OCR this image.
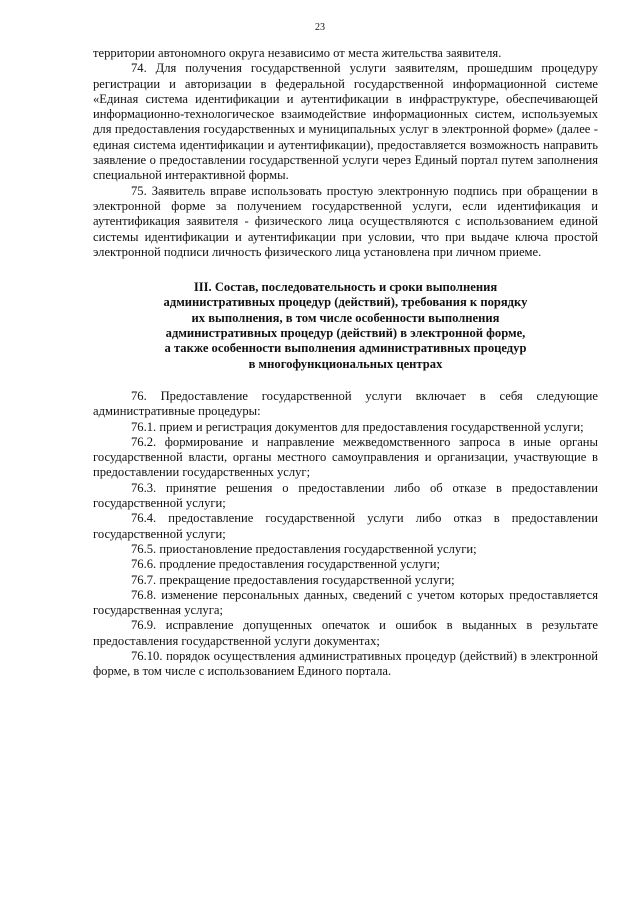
23

территории автономного округа независимо от места жительства заявителя.

74. Для получения государственной услуги заявителям, прошедшим процедуру регистрации и авторизации в федеральной государственной информационной системе «Единая система идентификации и аутентификации в инфраструктуре, обеспечивающей информационно-технологическое взаимодействие информационных систем, используемых для предоставления государственных и муниципальных услуг в электронной форме» (далее - единая система идентификации и аутентификации), предоставляется возможность направить заявление о предоставлении государственной услуги через Единый портал путем заполнения специальной интерактивной формы.

75. Заявитель вправе использовать простую электронную подпись при обращении в электронной форме за получением государственной услуги, если идентификация и аутентификация заявителя - физического лица осуществляются с использованием единой системы идентификации и аутентификации при условии, что при выдаче ключа простой электронной подписи личность физического лица установлена при личном приеме.

III. Состав, последовательность и сроки выполнения
административных процедур (действий), требования к порядку
их выполнения, в том числе особенности выполнения
административных процедур (действий) в электронной форме,
а также особенности выполнения административных процедур
в многофункциональных центрах

76. Предоставление государственной услуги включает в себя следующие административные процедуры:

76.1. прием и регистрация документов для предоставления государственной услуги;

76.2. формирование и направление межведомственного запроса в иные органы государственной власти, органы местного самоуправления и организации, участвующие в предоставлении государственных услуг;

76.3. принятие решения о предоставлении либо об отказе в предоставлении государственной услуги;

76.4. предоставление государственной услуги либо отказ в предоставлении государственной услуги;

76.5. приостановление предоставления государственной услуги;

76.6. продление предоставления государственной услуги;

76.7. прекращение предоставления государственной услуги;

76.8. изменение персональных данных, сведений с учетом которых предоставляется государственная услуга;

76.9. исправление допущенных опечаток и ошибок в выданных в результате предоставления государственной услуги документах;

76.10. порядок осуществления административных процедур (действий) в электронной форме, в том числе с использованием Единого портала.
